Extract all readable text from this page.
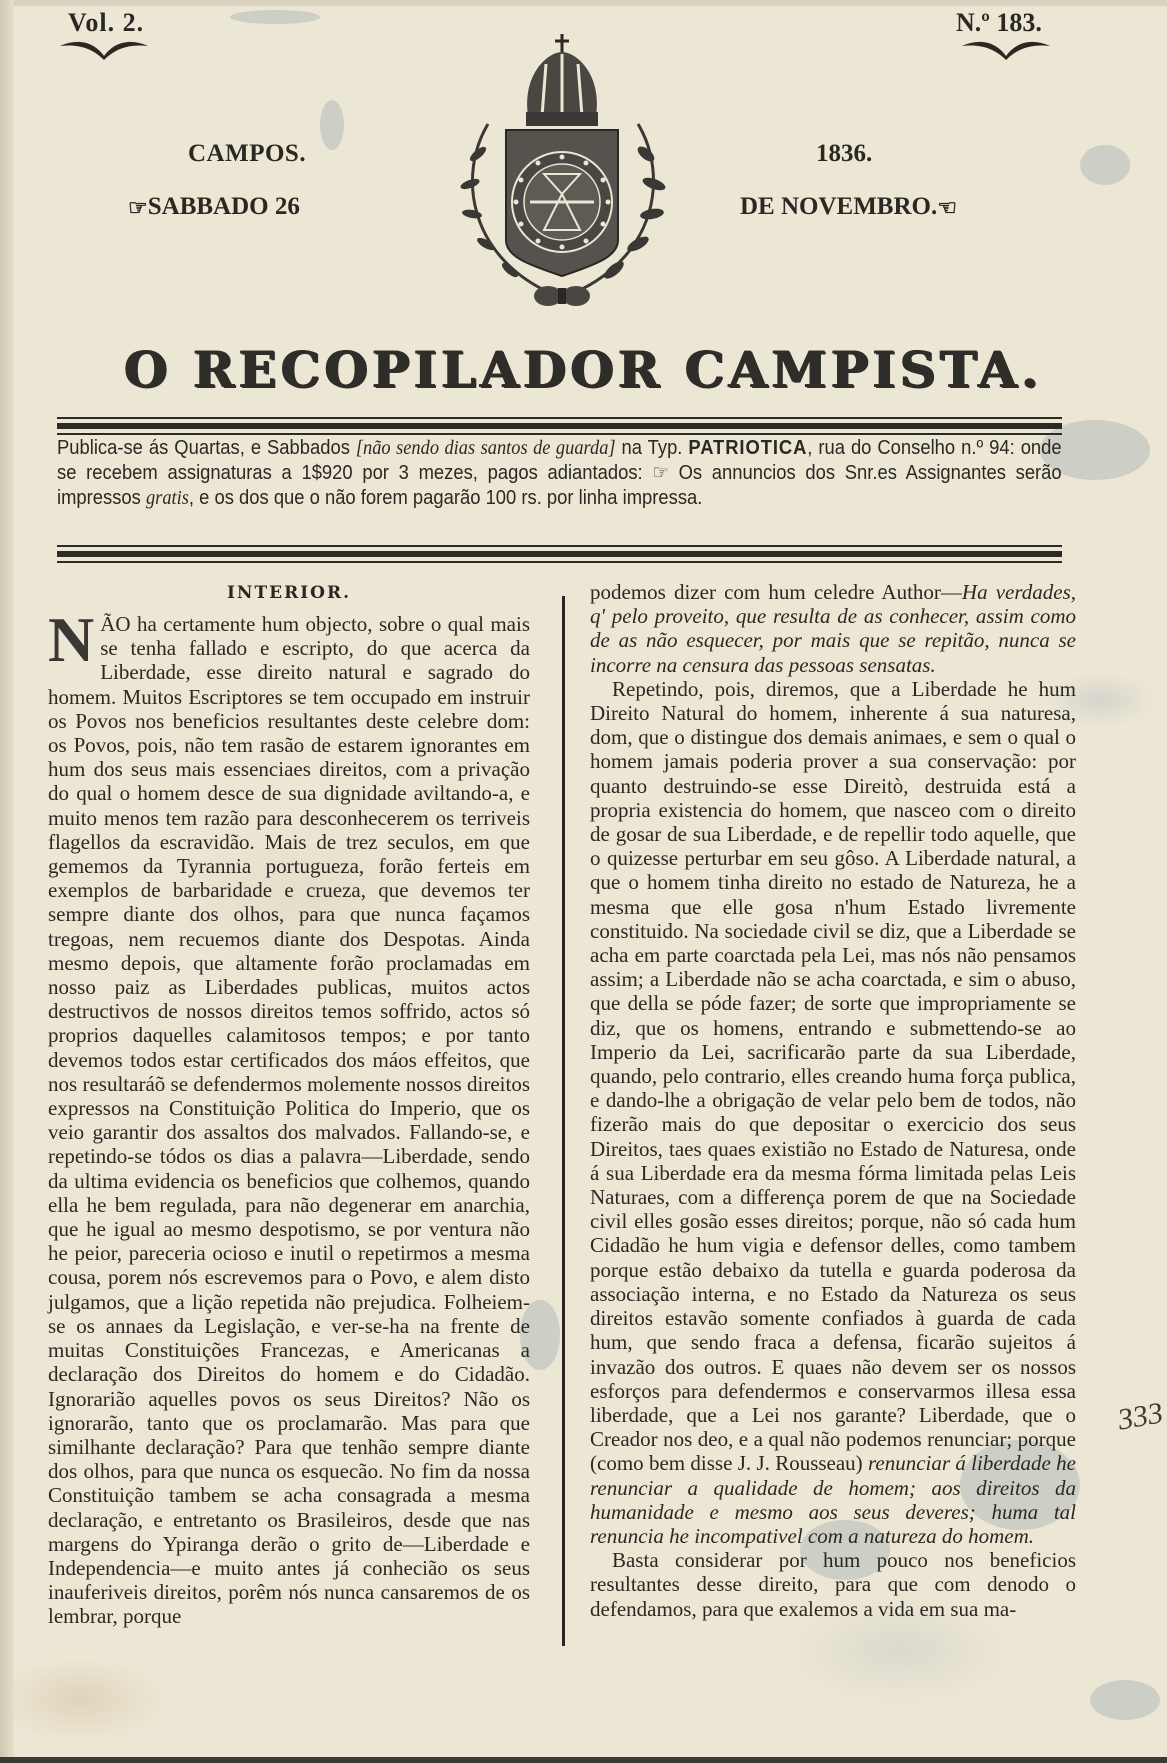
Vol. 2.	N.º 183.
CAMPOS.	1836.
☞SABBADO 26	DE NOVEMBRO.☜
O RECOPILADOR CAMPISTA.
Publica-se ás Quartas, e Sabbados [não sendo dias santos de guarda] na Typ. PATRIOTICA, rua do Conselho n.º 94: onde se recebem assignaturas a 1$920 por 3 mezes, pagos adiantados: ☞ Os annuncios dos Snr.es Assignantes serão impressos gratis, e os dos que o não forem pagarão 100 rs. por linha impressa.
INTERIOR.

NÃO ha certamente hum objecto, sobre o qual mais se tenha fallado e escripto, do que acerca da Liberdade, esse direito natural e sagrado do homem. Muitos Escriptores se tem occupado em instruir os Povos nos beneficios resultantes deste celebre dom: os Povos, pois, não tem rasão de estarem ignorantes em hum dos seus mais essenciaes direitos, com a privação do qual o homem desce de sua dignidade aviltando-a, e muito menos tem razão para desconhecerem os terriveis flagellos da escravidão. Mais de trez seculos, em que gememos da Tyrannia portugueza, forão ferteis em exemplos de barbaridade e crueza, que devemos ter sempre diante dos olhos, para que nunca façamos tregoas, nem recuemos diante dos Despotas. Ainda mesmo depois, que altamente forão proclamadas em nosso paiz as Liberdades publicas, muitos actos destructivos de nossos direitos temos soffrido, actos só proprios daquelles calamitosos tempos; e por tanto devemos todos estar certificados dos máos effeitos, que nos resultaráõ se defendermos molemente nossos direitos expressos na Constituição Politica do Imperio, que os veio garantir dos assaltos dos malvados. Fallando-se, e repetindo-se tódos os dias a palavra—Liberdade, sendo da ultima evidencia os beneficios que colhemos, quando ella he bem regulada, para não degenerar em anarchia, que he igual ao mesmo despotismo, se por ventura não he peior, pareceria ocioso e inutil o repetirmos a mesma cousa, porem nós escrevemos para o Povo, e alem disto julgamos, que a lição repetida não prejudica. Folheiem-se os annaes da Legislação, e ver-se-ha na frente de muitas Constituições Francezas, e Americanas a declaração dos Direitos do homem e do Cidadão. Ignorarião aquelles povos os seus Direitos? Não os ignorarão, tanto que os proclamarão. Mas para que similhante declaração? Para que tenhão sempre diante dos olhos, para que nunca os esquecão. No fim da nossa Constituição tambem se acha consagrada a mesma declaração, e entretanto os Brasileiros, desde que nas margens do Ypiranga derão o grito de—Liberdade e Independencia—e muito antes já conhecião os seus inauferiveis direitos, porêm nós nunca cansaremos de os lembrar, porque

podemos dizer com hum celedre Author—Ha verdades, q' pelo proveito, que resulta de as conhecer, assim como de as não esquecer, por mais que se repitão, nunca se incorre na censura das pessoas sensatas.

Repetindo, pois, diremos, que a Liberdade he hum Direito Natural do homem, inherente á sua naturesa, dom, que o distingue dos demais animaes, e sem o qual o homem jamais poderia prover a sua conservação: por quanto destruindo-se esse Direitò, destruida está a propria existencia do homem, que nasceo com o direito de gosar de sua Liberdade, e de repellir todo aquelle, que o quizesse perturbar em seu gôso. A Liberdade natural, a que o homem tinha direito no estado de Natureza, he a mesma que elle gosa n'hum Estado livremente constituido. Na sociedade civil se diz, que a Liberdade se acha em parte coarctada pela Lei, mas nós não pensamos assim; a Liberdade não se acha coarctada, e sim o abuso, que della se póde fazer; de sorte que impropriamente se diz, que os homens, entrando e submettendo-se ao Imperio da Lei, sacrificarão parte da sua Liberdade, quando, pelo contrario, elles creando huma força publica, e dando-lhe a obrigação de velar pelo bem de todos, não fizerão mais do que depositar o exercicio dos seus Direitos, taes quaes existião no Estado de Naturesa, onde á sua Liberdade era da mesma fórma limitada pelas Leis Naturaes, com a differença porem de que na Sociedade civil elles gosão esses direitos; porque, não só cada hum Cidadão he hum vigia e defensor delles, como tambem porque estão debaixo da tutella e guarda poderosa da associação interna, e no Estado da Natureza os seus direitos estavão somente confiados à guarda de cada hum, que sendo fraca a defensa, ficarão sujeitos á invazão dos outros. E quaes não devem ser os nossos esforços para defendermos e conservarmos illesa essa liberdade, que a Lei nos garante? Liberdade, que o Creador nos deo, e a qual não podemos renunciar; porque (como bem disse J. J. Rousseau) renunciar á liberdade he renunciar a qualidade de homem; aos direitos da humanidade e mesmo aos seus deveres; huma tal renuncia he incompativel com a natureza do homem.

Basta considerar por hum pouco nos beneficios resultantes desse direito, para que com denodo o defendamos, para que exalemos a vida em sua ma-

333
